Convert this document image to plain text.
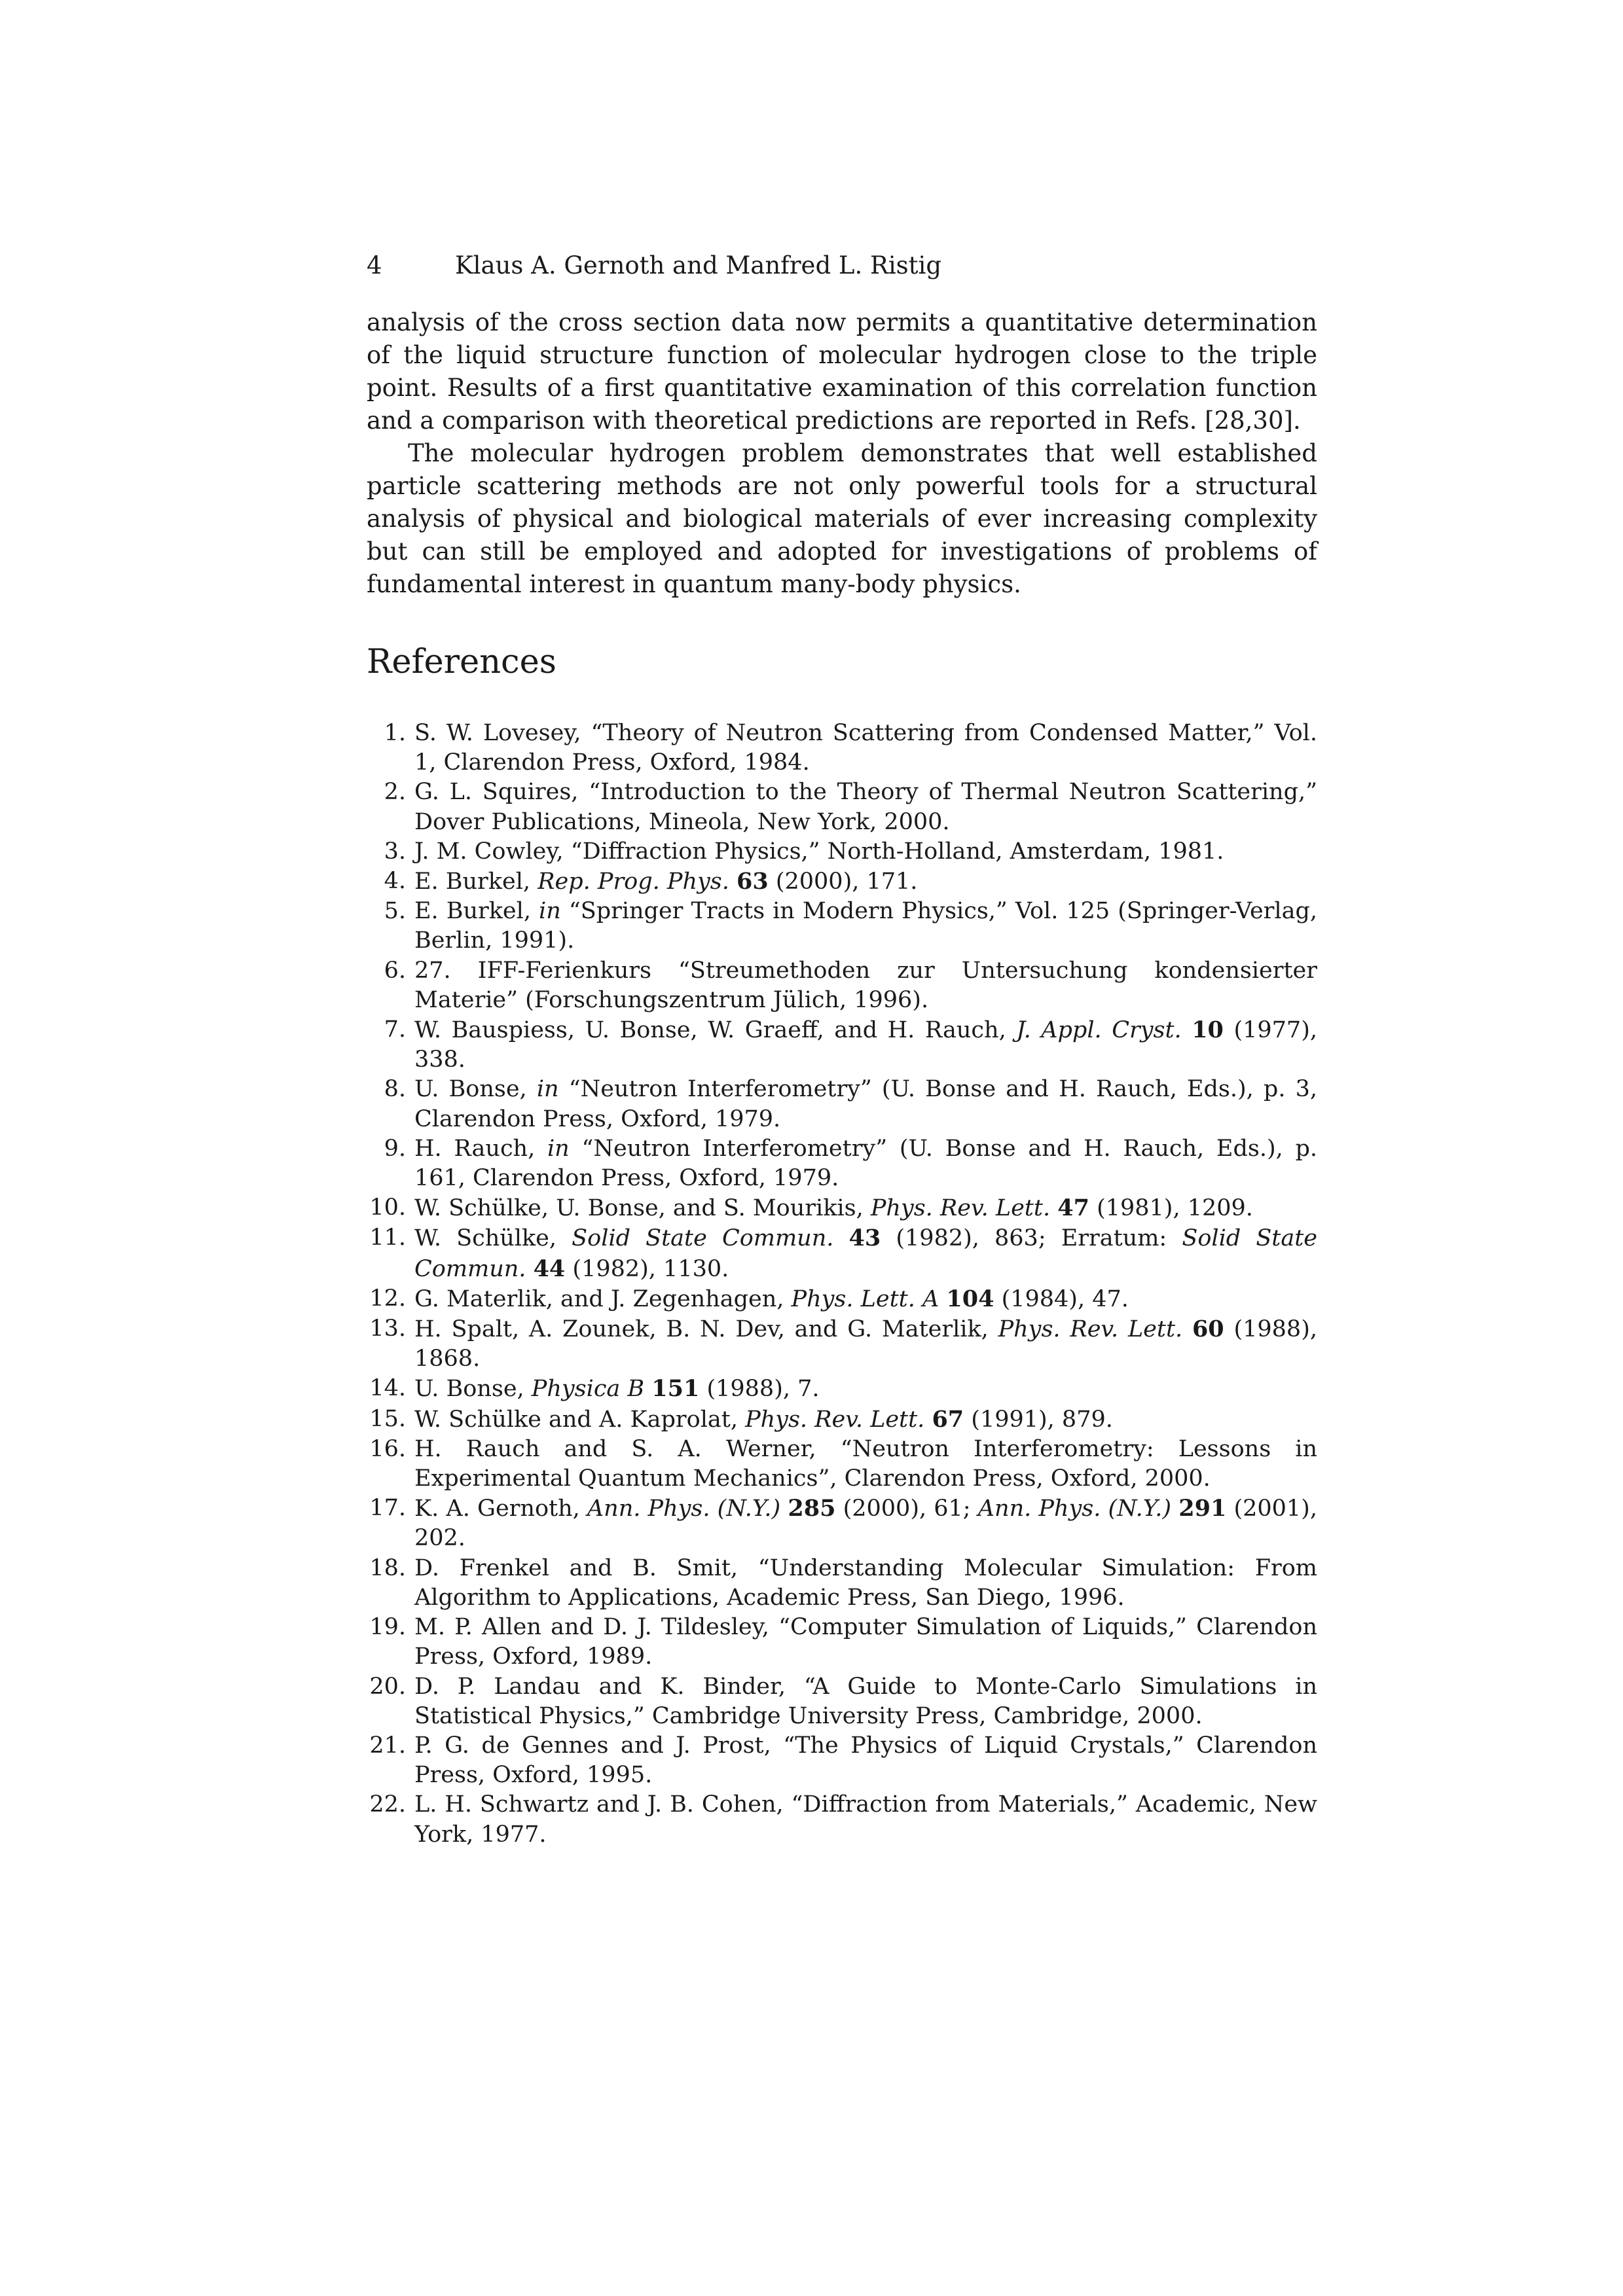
4	Klaus A. Gernoth and Manfred L. Ristig

analysis of the cross section data now permits a quantitative determination of the liquid structure function of molecular hydrogen close to the triple point. Results of a first quantitative examination of this correlation function and a comparison with theoretical predictions are reported in Refs. [28,30].

The molecular hydrogen problem demonstrates that well established particle scattering methods are not only powerful tools for a structural analysis of physical and biological materials of ever increasing complexity but can still be employed and adopted for investigations of problems of fundamental interest in quantum many-body physics.

References
1. S. W. Lovesey, “Theory of Neutron Scattering from Condensed Matter,” Vol. 1, Clarendon Press, Oxford, 1984.
2. G. L. Squires, “Introduction to the Theory of Thermal Neutron Scattering,” Dover Publications, Mineola, New York, 2000.
3. J. M. Cowley, “Diffraction Physics,” North-Holland, Amsterdam, 1981.
4. E. Burkel, Rep. Prog. Phys. 63 (2000), 171.
5. E. Burkel, in “Springer Tracts in Modern Physics,” Vol. 125 (Springer-Verlag, Berlin, 1991).
6. 27. IFF-Ferienkurs “Streumethoden zur Untersuchung kondensierter Materie” (Forschungszentrum Jülich, 1996).
7. W. Bauspiess, U. Bonse, W. Graeff, and H. Rauch, J. Appl. Cryst. 10 (1977), 338.
8. U. Bonse, in “Neutron Interferometry” (U. Bonse and H. Rauch, Eds.), p. 3, Clarendon Press, Oxford, 1979.
9. H. Rauch, in “Neutron Interferometry” (U. Bonse and H. Rauch, Eds.), p. 161, Clarendon Press, Oxford, 1979.
10. W. Schülke, U. Bonse, and S. Mourikis, Phys. Rev. Lett. 47 (1981), 1209.
11. W. Schülke, Solid State Commun. 43 (1982), 863; Erratum: Solid State Commun. 44 (1982), 1130.
12. G. Materlik, and J. Zegenhagen, Phys. Lett. A 104 (1984), 47.
13. H. Spalt, A. Zounek, B. N. Dev, and G. Materlik, Phys. Rev. Lett. 60 (1988), 1868.
14. U. Bonse, Physica B 151 (1988), 7.
15. W. Schülke and A. Kaprolat, Phys. Rev. Lett. 67 (1991), 879.
16. H. Rauch and S. A. Werner, “Neutron Interferometry: Lessons in Experimental Quantum Mechanics”, Clarendon Press, Oxford, 2000.
17. K. A. Gernoth, Ann. Phys. (N.Y.) 285 (2000), 61; Ann. Phys. (N.Y.) 291 (2001), 202.
18. D. Frenkel and B. Smit, “Understanding Molecular Simulation: From Algorithm to Applications, Academic Press, San Diego, 1996.
19. M. P. Allen and D. J. Tildesley, “Computer Simulation of Liquids,” Clarendon Press, Oxford, 1989.
20. D. P. Landau and K. Binder, “A Guide to Monte-Carlo Simulations in Statistical Physics,” Cambridge University Press, Cambridge, 2000.
21. P. G. de Gennes and J. Prost, “The Physics of Liquid Crystals,” Clarendon Press, Oxford, 1995.
22. L. H. Schwartz and J. B. Cohen, “Diffraction from Materials,” Academic, New York, 1977.
